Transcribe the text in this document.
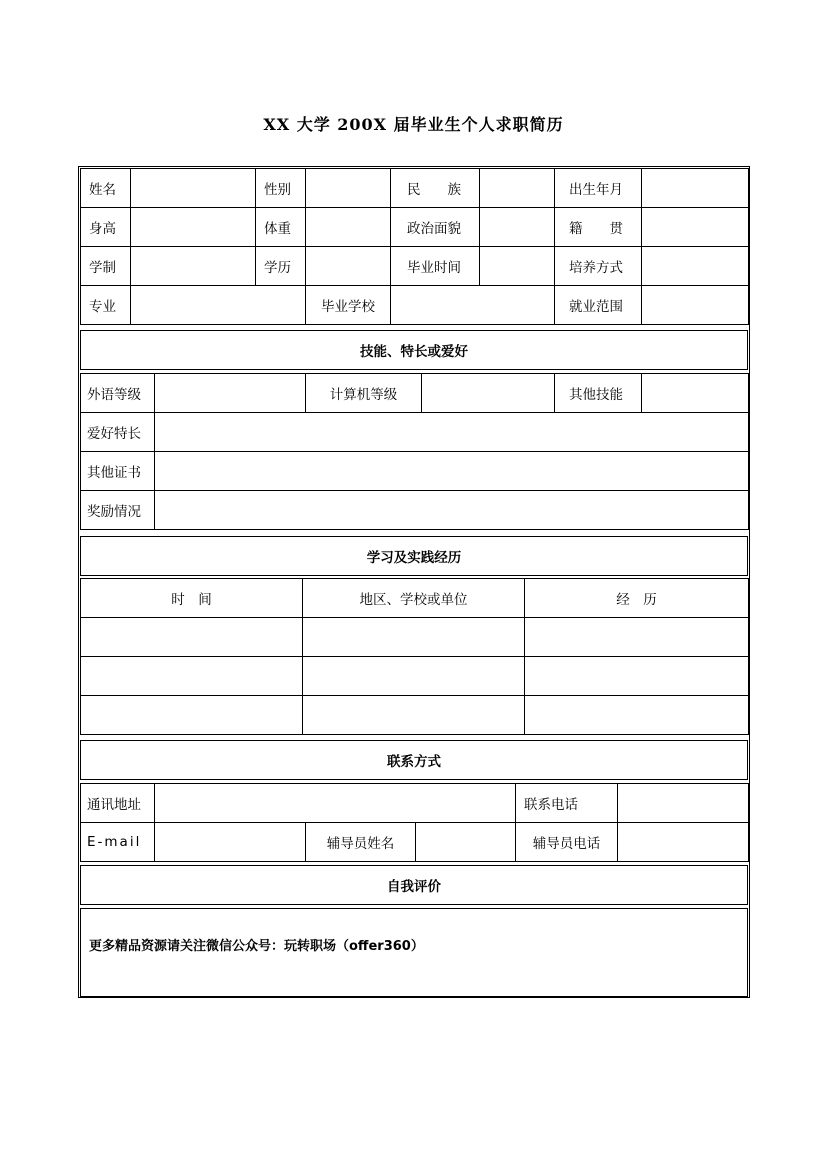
XX 大学 200X 届毕业生个人求职简历
姓名		性别		民　　族		出生年月	
身高		体重		政治面貌		籍　　贯	
学制		学历		毕业时间		培养方式	
专业			毕业学校			就业范围	
技能、特长或爱好
外语等级		计算机等级		其他技能	
爱好特长					
其他证书					
奖励情况					
学习及实践经历
时　间	地区、学校或单位	经　历

联系方式
通讯地址				联系电话	
E-mail		辅导员姓名		辅导员电话	
自我评价
更多精品资源请关注微信公众号：玩转职场（offer360）
